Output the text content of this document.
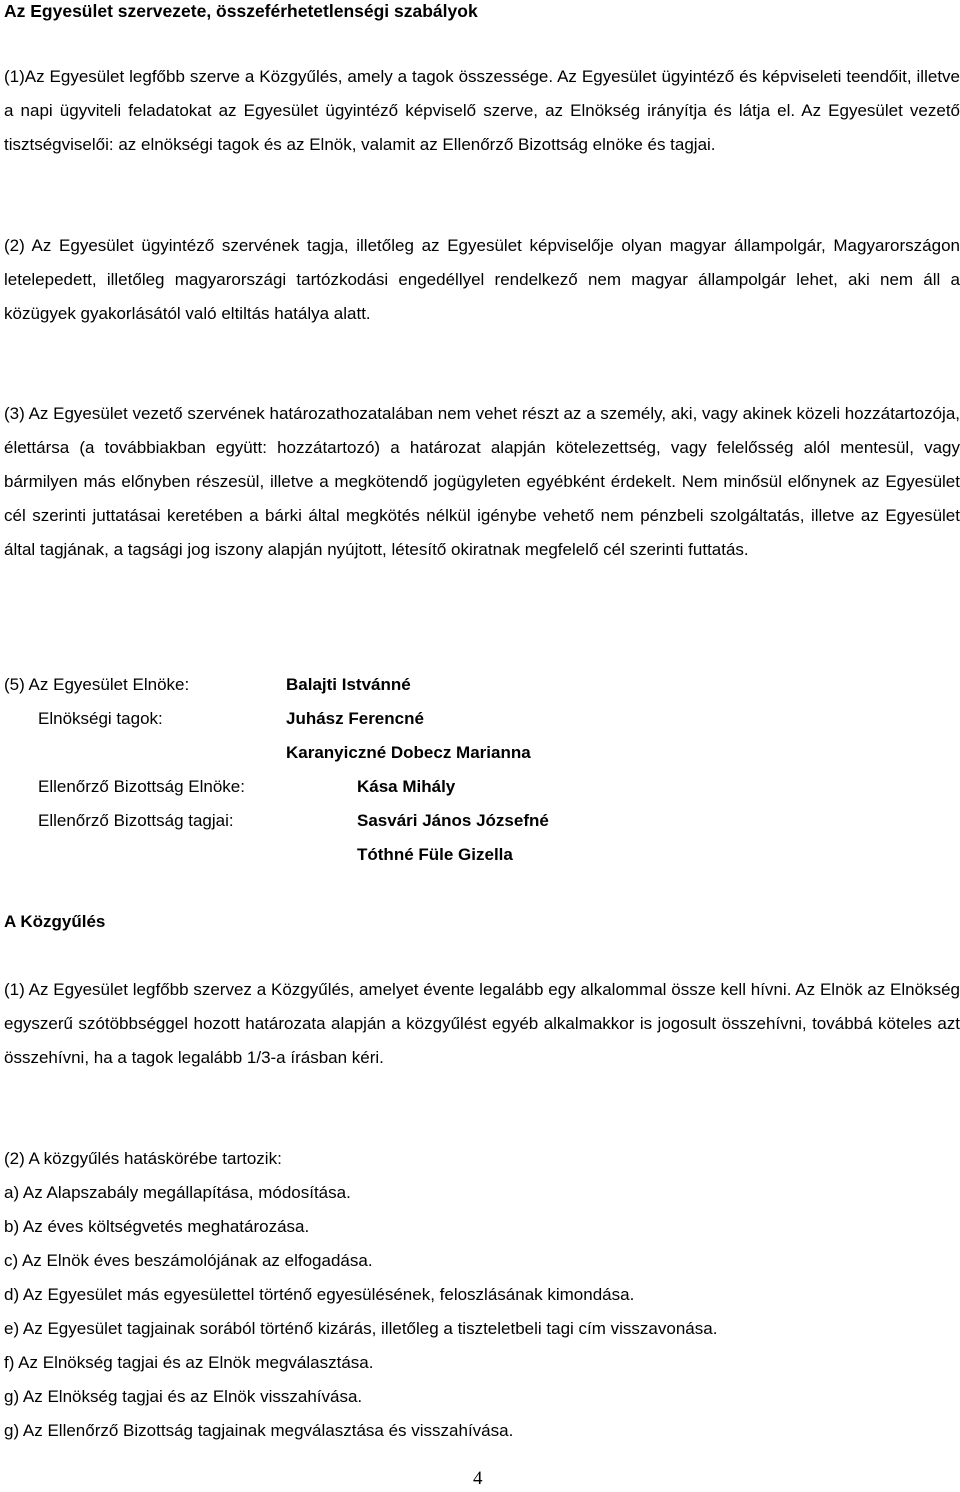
Az Egyesület szervezete, összeférhetetlenségi szabályok

(1)Az Egyesület legfőbb szerve a Közgyűlés, amely a tagok összessége. Az Egyesület ügyintéző és képviseleti teendőit, illetve a napi ügyviteli feladatokat az Egyesület ügyintéző képviselő szerve, az Elnökség irányítja és látja el. Az Egyesület vezető tisztségviselői: az elnökségi tagok és az Elnök, valamit az Ellenőrző Bizottság elnöke és tagjai.

(2) Az Egyesület ügyintéző szervének tagja, illetőleg az Egyesület képviselője olyan magyar állampolgár, Magyarországon letelepedett, illetőleg magyarországi tartózkodási engedéllyel rendelkező nem magyar állampolgár lehet, aki nem áll a közügyek gyakorlásától való eltiltás hatálya alatt.

(3) Az Egyesület vezető szervének határozathozatalában nem vehet részt az a személy, aki, vagy akinek közeli hozzátartozója, élettársa (a továbbiakban együtt: hozzátartozó) a határozat alapján kötelezettség, vagy felelősség alól mentesül, vagy bármilyen más előnyben részesül, illetve a megkötendő jogügyleten egyébként érdekelt. Nem minősül előnynek az Egyesület cél szerinti juttatásai keretében a bárki által megkötés nélkül igénybe vehető nem pénzbeli szolgáltatás, illetve az Egyesület által tagjának, a tagsági jog iszony alapján nyújtott, létesítő okiratnak megfelelő cél szerinti futtatás.

(5) Az Egyesület Elnöke:	Balajti Istvánné
Elnökségi tagok:	Juhász Ferencné
Karanyiczné Dobecz Marianna
Ellenőrző Bizottság Elnöke:	Kása Mihály
Ellenőrző Bizottság tagjai:	Sasvári János Józsefné
Tóthné Füle Gizella
A Közgyűlés

(1) Az Egyesület legfőbb szervez a Közgyűlés, amelyet évente legalább egy alkalommal össze kell hívni. Az Elnök az Elnökség egyszerű szótöbbséggel hozott határozata alapján a közgyűlést egyéb alkalmakkor is jogosult összehívni, továbbá köteles azt összehívni, ha a tagok legalább 1/3-a írásban kéri.

(2) A közgyűlés hatáskörébe tartozik:
a) Az Alapszabály megállapítása, módosítása.
b) Az éves költségvetés meghatározása.
c) Az Elnök éves beszámolójának az elfogadása.
d) Az Egyesület más egyesülettel történő egyesülésének, feloszlásának kimondása.
e) Az Egyesület tagjainak sorából történő kizárás, illetőleg a tiszteletbeli tagi cím visszavonása.
f) Az Elnökség tagjai és az Elnök megválasztása.
g) Az Elnökség tagjai és az Elnök visszahívása.
g) Az Ellenőrző Bizottság tagjainak megválasztása és visszahívása.
4
